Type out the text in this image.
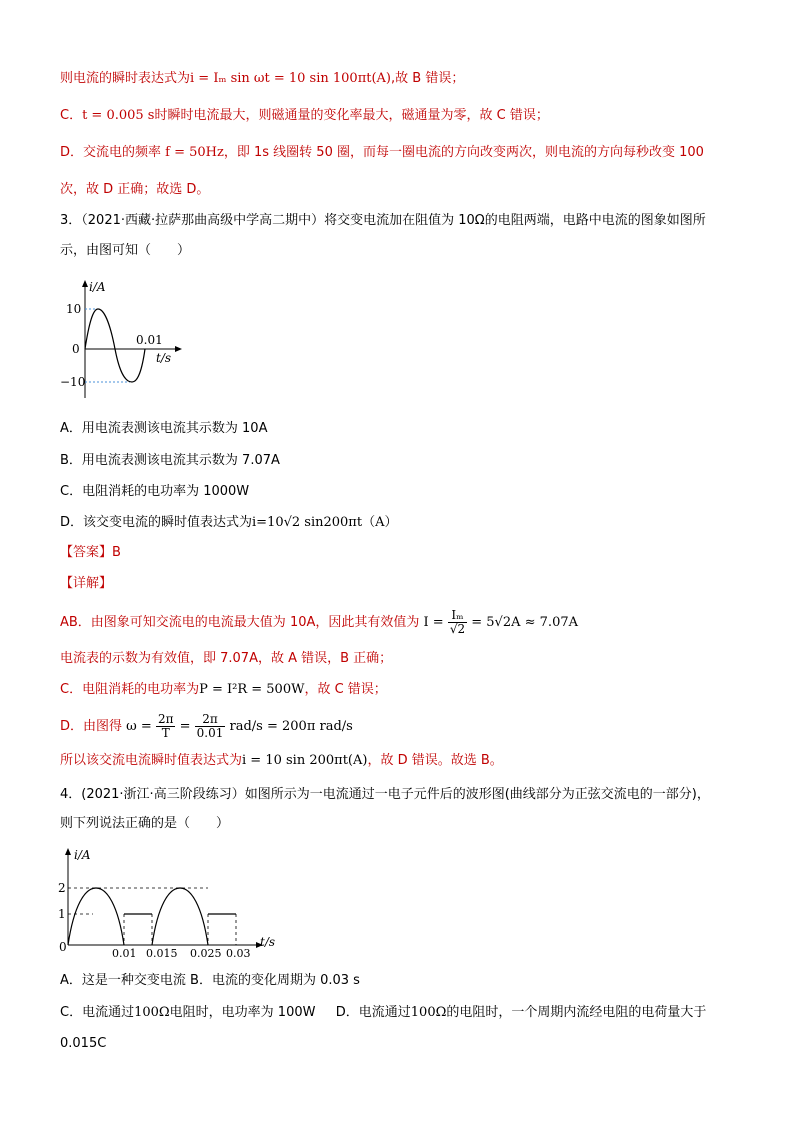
则电流的瞬时表达式为i = Iₘ sin ωt = 10 sin 100πt(A),故 B 错误；
C．t = 0.005 s时瞬时电流最大，则磁通量的变化率最大，磁通量为零，故 C 错误；
D．交流电的频率 f = 50Hz，即 1s 线圈转 50 圈，而每一圈电流的方向改变两次，则电流的方向每秒改变 100
次，故 D 正确；故选 D。
3．（2021·西藏·拉萨那曲高级中学高二期中）将交变电流加在阻值为 10Ω的电阻两端，电路中电流的图象如图所
示，由图可知（　　）
i/A
10
0
−10
0.01
t/s
A．用电流表测该电流其示数为 10A
B．用电流表测该电流其示数为 7.07A
C．电阻消耗的电功率为 1000W
D．该交变电流的瞬时值表达式为i=10√2 sin200πt（A）
【答案】B
【详解】
AB．由图象可知交流电的电流最大值为 10A，因此其有效值为 $I = \frac{\text{Iₘ}}{√2} = 5√2A \approx 7.07A$
电流表的示数为有效值，即 7.07A，故 A 错误，B 正确；
C．电阻消耗的电功率为P = I²R = 500W，故 C 错误；
D．由图得 $\omega = \frac{2\pi}{T} = \frac{2\pi}{0.01} rad/s = 200\pi$ rad/s
所以该交流电流瞬时值表达式为i = 10 sin 200πt(A)，故 D 错误。故选 B。
4．(2021·浙江·高三阶段练习）如图所示为一电流通过一电子元件后的波形图(曲线部分为正弦交流电的一部分)，
则下列说法正确的是（　　）
i/A
2
1
0	0.01 0.015 0.025 0.03
t/s
A．这是一种交变电流 B．电流的变化周期为 0.03 s
C．电流通过100Ω电阻时，电功率为 100W D．电流通过100Ω的电阻时，一个周期内流经电阻的电荷量大于
0.015C
